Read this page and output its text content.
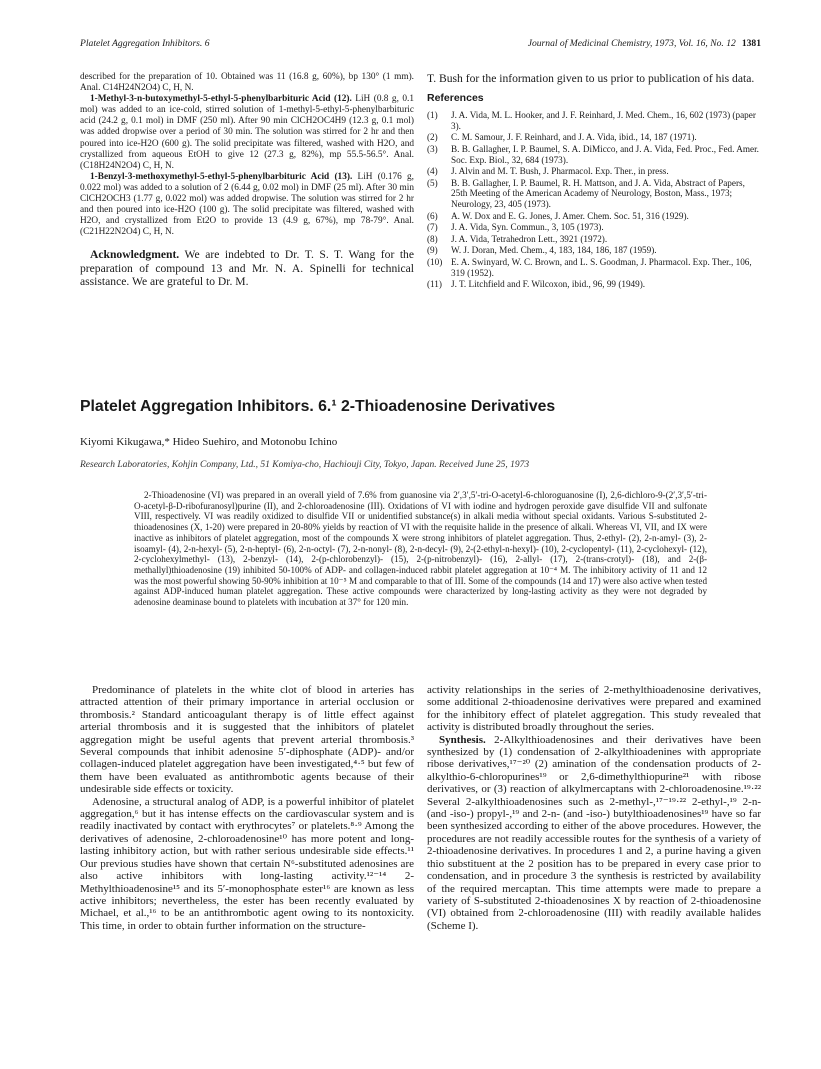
Platelet Aggregation Inhibitors. 6	Journal of Medicinal Chemistry, 1973, Vol. 16, No. 12 1381

described for the preparation of 10. Obtained was 11 (16.8 g, 60%), bp 130° (1 mm). Anal. C14H24N2O4) C, H, N.

1-Methyl-3-n-butoxymethyl-5-ethyl-5-phenylbarbituric Acid (12). LiH (0.8 g, 0.1 mol) was added to an ice-cold, stirred solution of 1-methyl-5-ethyl-5-phenylbarbituric acid (24.2 g, 0.1 mol) in DMF (250 ml). After 90 min ClCH2OC4H9 (12.3 g, 0.1 mol) was added dropwise over a period of 30 min. The solution was stirred for 2 hr and then poured into ice-H2O (600 g). The solid precipitate was filtered, washed with H2O, and crystallized from aqueous EtOH to give 12 (27.3 g, 82%), mp 55.5-56.5°. Anal. (C18H24N2O4) C, H, N.

1-Benzyl-3-methoxymethyl-5-ethyl-5-phenylbarbituric Acid (13). LiH (0.176 g, 0.022 mol) was added to a solution of 2 (6.44 g, 0.02 mol) in DMF (25 ml). After 30 min ClCH2OCH3 (1.77 g, 0.022 mol) was added dropwise. The solution was stirred for 2 hr and then poured into ice-H2O (100 g). The solid precipitate was filtered, washed with H2O, and crystallized from Et2O to provide 13 (4.9 g, 67%), mp 78-79°. Anal. (C21H22N2O4) C, H, N.

Acknowledgment. We are indebted to Dr. T. S. T. Wang for the preparation of compound 13 and Mr. N. A. Spinelli for technical assistance. We are grateful to Dr. M.
T. Bush for the information given to us prior to publication of his data.
References
(1) J. A. Vida, M. L. Hooker, and J. F. Reinhard, J. Med. Chem., 16, 602 (1973) (paper 3).
(2) C. M. Samour, J. F. Reinhard, and J. A. Vida, ibid., 14, 187 (1971).
(3) B. B. Gallagher, I. P. Baumel, S. A. DiMicco, and J. A. Vida, Fed. Proc., Fed. Amer. Soc. Exp. Biol., 32, 684 (1973).
(4) J. Alvin and M. T. Bush, J. Pharmacol. Exp. Ther., in press.
(5) B. B. Gallagher, I. P. Baumel, R. H. Mattson, and J. A. Vida, Abstract of Papers, 25th Meeting of the American Academy of Neurology, Boston, Mass., 1973; Neurology, 23, 405 (1973).
(6) A. W. Dox and E. G. Jones, J. Amer. Chem. Soc. 51, 316 (1929).
(7) J. A. Vida, Syn. Commun., 3, 105 (1973).
(8) J. A. Vida, Tetrahedron Lett., 3921 (1972).
(9) W. J. Doran, Med. Chem., 4, 183, 184, 186, 187 (1959).
(10) E. A. Swinyard, W. C. Brown, and L. S. Goodman, J. Pharmacol. Exp. Ther., 106, 319 (1952).
(11) J. T. Litchfield and F. Wilcoxon, ibid., 96, 99 (1949).
Platelet Aggregation Inhibitors. 6.¹ 2-Thioadenosine Derivatives
Kiyomi Kikugawa,* Hideo Suehiro, and Motonobu Ichino
Research Laboratories, Kohjin Company, Ltd., 51 Komiya-cho, Hachiouji City, Tokyo, Japan. Received June 25, 1973
2-Thioadenosine (VI) was prepared in an overall yield of 7.6% from guanosine via 2′,3′,5′-tri-O-acetyl-6-chloroguanosine (I), 2,6-dichloro-9-(2′,3′,5′-tri-O-acetyl-β-D-ribofuranosyl)purine (II), and 2-chloroadenosine (III). Oxidations of VI with iodine and hydrogen peroxide gave disulfide VII and sulfonate VIII, respectively. VI was readily oxidized to disulfide VII or unidentified substance(s) in alkali media without special oxidants. Various S-substituted 2-thioadenosines (X, 1-20) were prepared in 20-80% yields by reaction of VI with the requisite halide in the presence of alkali. Whereas VI, VII, and IX were inactive as inhibitors of platelet aggregation, most of the compounds X were strong inhibitors of platelet aggregation. Thus, 2-ethyl- (2), 2-n-amyl- (3), 2-isoamyl- (4), 2-n-hexyl- (5), 2-n-heptyl- (6), 2-n-octyl- (7), 2-n-nonyl- (8), 2-n-decyl- (9), 2-(2-ethyl-n-hexyl)- (10), 2-cyclopentyl- (11), 2-cyclohexyl- (12), 2-cyclohexylmethyl- (13), 2-benzyl- (14), 2-(p-chlorobenzyl)- (15), 2-(p-nitrobenzyl)- (16), 2-allyl- (17), 2-(trans-crotyl)- (18), and 2-(β-methallyl)thioadenosine (19) inhibited 50-100% of ADP- and collagen-induced rabbit platelet aggregation at 10⁻⁴ M. The inhibitory activity of 11 and 12 was the most powerful showing 50-90% inhibition at 10⁻⁵ M and comparable to that of III. Some of the compounds (14 and 17) were also active when tested against ADP-induced human platelet aggregation. These active compounds were characterized by long-lasting activity as they were not degraded by adenosine deaminase bound to platelets with incubation at 37° for 120 min.

Predominance of platelets in the white clot of blood in arteries has attracted attention of their primary importance in arterial occlusion or thrombosis.² Standard anticoagulant therapy is of little effect against arterial thrombosis and it is suggested that the inhibitors of platelet aggregation might be useful agents that prevent arterial thrombosis.³ Several compounds that inhibit adenosine 5′-diphosphate (ADP)- and/or collagen-induced platelet aggregation have been investigated,⁴·⁵ but few of them have been evaluated as antithrombotic agents because of their undesirable side effects or toxicity.

Adenosine, a structural analog of ADP, is a powerful inhibitor of platelet aggregation,⁶ but it has intense effects on the cardiovascular system and is readily inactivated by contact with erythrocytes⁷ or platelets.⁸·⁹ Among the derivatives of adenosine, 2-chloroadenosine¹⁰ has more potent and long-lasting inhibitory action, but with rather serious undesirable side effects.¹¹ Our previous studies have shown that certain N⁶-substituted adenosines are also active inhibitors with long-lasting activity.¹²⁻¹⁴ 2-Methylthioadenosine¹⁵ and its 5′-monophosphate ester¹⁶ are known as less active inhibitors; nevertheless, the ester has been recently evaluated by Michael, et al.,¹⁶ to be an antithrombotic agent owing to its nontoxicity. This time, in order to obtain further information on the structure-

activity relationships in the series of 2-methylthioadenosine derivatives, some additional 2-thioadenosine derivatives were prepared and examined for the inhibitory effect of platelet aggregation. This study revealed that activity is distributed broadly throughout the series.

Synthesis. 2-Alkylthioadenosines and their derivatives have been synthesized by (1) condensation of 2-alkylthioadenines with appropriate ribose derivatives,¹⁷⁻²⁰ (2) amination of the condensation products of 2-alkylthio-6-chloropurines¹⁹ or 2,6-dimethylthiopurine²¹ with ribose derivatives, or (3) reaction of alkylmercaptans with 2-chloroadenosine.¹⁹·²² Several 2-alkylthioadenosines such as 2-methyl-,¹⁷⁻¹⁹·²² 2-ethyl-,¹⁹ 2-n- (and -iso-) propyl-,¹⁹ and 2-n- (and -iso-) butylthioadenosines¹⁹ have so far been synthesized according to either of the above procedures. However, the procedures are not readily accessible routes for the synthesis of a variety of 2-thioadenosine derivatives. In procedures 1 and 2, a purine having a given thio substituent at the 2 position has to be prepared in every case prior to condensation, and in procedure 3 the synthesis is restricted by availability of the required mercaptan. This time attempts were made to prepare a variety of S-substituted 2-thioadenosines X by reaction of 2-thioadenosine (VI) obtained from 2-chloroadenosine (III) with readily available halides (Scheme I).
